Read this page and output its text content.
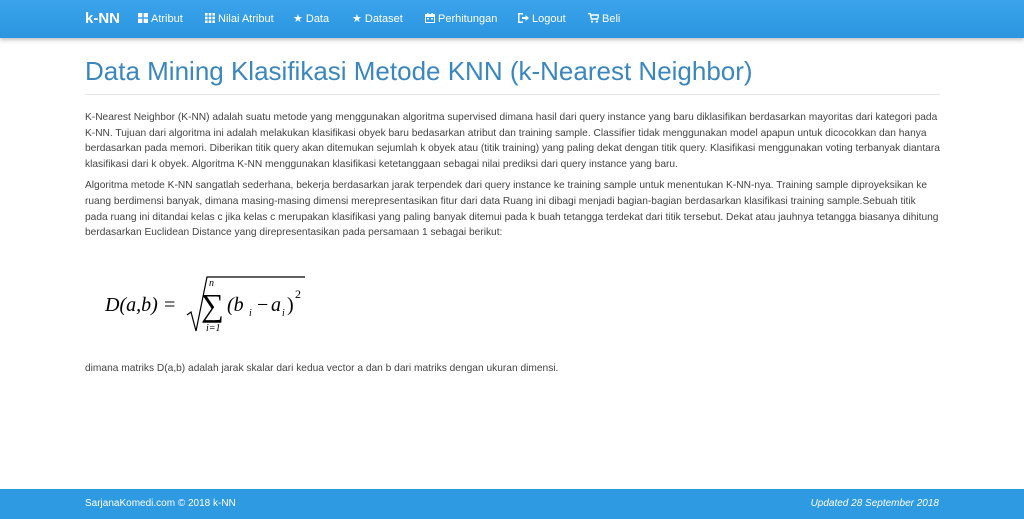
k-NN	Atribut	Nilai Atribut ★ Data ★ Dataset	Perhitungan	Logout	Beli
Data Mining Klasifikasi Metode KNN (k-Nearest Neighbor)

K-Nearest Neighbor (K-NN) adalah suatu metode yang menggunakan algoritma supervised dimana hasil dari query instance yang baru diklasifikan berdasarkan mayoritas dari kategori pada K-NN. Tujuan dari algoritma ini adalah melakukan klasifikasi obyek baru bedasarkan atribut dan training sample. Classifier tidak menggunakan model apapun untuk dicocokkan dan hanya berdasarkan pada memori. Diberikan titik query akan ditemukan sejumlah k obyek atau (titik training) yang paling dekat dengan titik query. Klasifikasi menggunakan voting terbanyak diantara klasifikasi dari k obyek. Algoritma K-NN menggunakan klasifikasi ketetanggaan sebagai nilai prediksi dari query instance yang baru.

Algoritma metode K-NN sangatlah sederhana, bekerja berdasarkan jarak terpendek dari query instance ke training sample untuk menentukan K-NN-nya. Training sample diproyeksikan ke ruang berdimensi banyak, dimana masing-masing dimensi merepresentasikan fitur dari data Ruang ini dibagi menjadi bagian-bagian berdasarkan klasifikasi training sample.Sebuah titik pada ruang ini ditandai kelas c jika kelas c merupakan klasifikasi yang paling banyak ditemui pada k buah tetangga terdekat dari titik tersebut. Dekat atau jauhnya tetangga biasanya dihitung berdasarkan Euclidean Distance yang direpresentasikan pada persamaan 1 sebagai berikut:

D(a,b) =
n
∑
i=1
(b i − a i ) 2

dimana matriks D(a,b) adalah jarak skalar dari kedua vector a dan b dari matriks dengan ukuran dimensi.

SarjanaKomedi.com © 2018 k-NN	Updated 28 September 2018
